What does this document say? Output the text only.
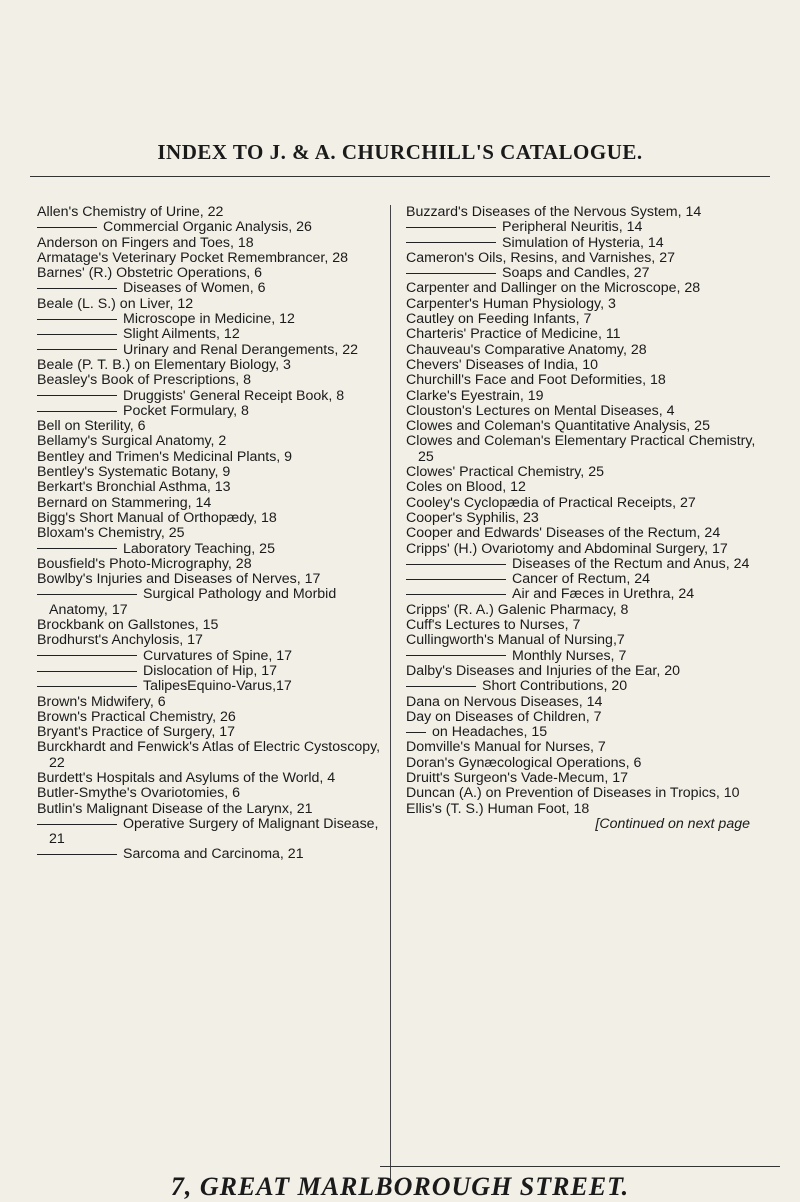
INDEX TO J. & A. CHURCHILL'S CATALOGUE.

Allen's Chemistry of Urine, 22

Commercial Organic Analysis, 26

Anderson on Fingers and Toes, 18

Armatage's Veterinary Pocket Remembrancer, 28

Barnes' (R.) Obstetric Operations, 6

Diseases of Women, 6

Beale (L. S.) on Liver, 12

Microscope in Medicine, 12

Slight Ailments, 12

Urinary and Renal Derangements, 22

Beale (P. T. B.) on Elementary Biology, 3

Beasley's Book of Prescriptions, 8

Druggists' General Receipt Book, 8

Pocket Formulary, 8

Bell on Sterility, 6

Bellamy's Surgical Anatomy, 2

Bentley and Trimen's Medicinal Plants, 9

Bentley's Systematic Botany, 9

Berkart's Bronchial Asthma, 13

Bernard on Stammering, 14

Bigg's Short Manual of Orthopædy, 18

Bloxam's Chemistry, 25

Laboratory Teaching, 25

Bousfield's Photo-Micrography, 28

Bowlby's Injuries and Diseases of Nerves, 17

Surgical Pathology and Morbid Anatomy, 17

Brockbank on Gallstones, 15

Brodhurst's Anchylosis, 17

Curvatures of Spine, 17

Dislocation of Hip, 17

TalipesEquino-Varus,17

Brown's Midwifery, 6

Brown's Practical Chemistry, 26

Bryant's Practice of Surgery, 17

Burckhardt and Fenwick's Atlas of Electric Cystoscopy, 22

Burdett's Hospitals and Asylums of the World, 4

Butler-Smythe's Ovariotomies, 6

Butlin's Malignant Disease of the Larynx, 21

Operative Surgery of Malignant Disease, 21

Sarcoma and Carcinoma, 21

Buzzard's Diseases of the Nervous System, 14

Peripheral Neuritis, 14

Simulation of Hysteria, 14

Cameron's Oils, Resins, and Varnishes, 27

Soaps and Candles, 27

Carpenter and Dallinger on the Microscope, 28

Carpenter's Human Physiology, 3

Cautley on Feeding Infants, 7

Charteris' Practice of Medicine, 11

Chauveau's Comparative Anatomy, 28

Chevers' Diseases of India, 10

Churchill's Face and Foot Deformities, 18

Clarke's Eyestrain, 19

Clouston's Lectures on Mental Diseases, 4

Clowes and Coleman's Quantitative Analysis, 25

Clowes and Coleman's Elementary Practical Chemistry, 25

Clowes' Practical Chemistry, 25

Coles on Blood, 12

Cooley's Cyclopædia of Practical Receipts, 27

Cooper's Syphilis, 23

Cooper and Edwards' Diseases of the Rectum, 24

Cripps' (H.) Ovariotomy and Abdominal Surgery, 17

Diseases of the Rectum and Anus, 24

Cancer of Rectum, 24

Air and Fæces in Urethra, 24

Cripps' (R. A.) Galenic Pharmacy, 8

Cuff's Lectures to Nurses, 7

Cullingworth's Manual of Nursing,7

Monthly Nurses, 7

Dalby's Diseases and Injuries of the Ear, 20

Short Contributions, 20

Dana on Nervous Diseases, 14

Day on Diseases of Children, 7

on Headaches, 15

Domville's Manual for Nurses, 7

Doran's Gynæcological Operations, 6

Druitt's Surgeon's Vade-Mecum, 17

Duncan (A.) on Prevention of Diseases in Tropics, 10

Ellis's (T. S.) Human Foot, 18

[Continued on next page

7, GREAT MARLBOROUGH STREET.
